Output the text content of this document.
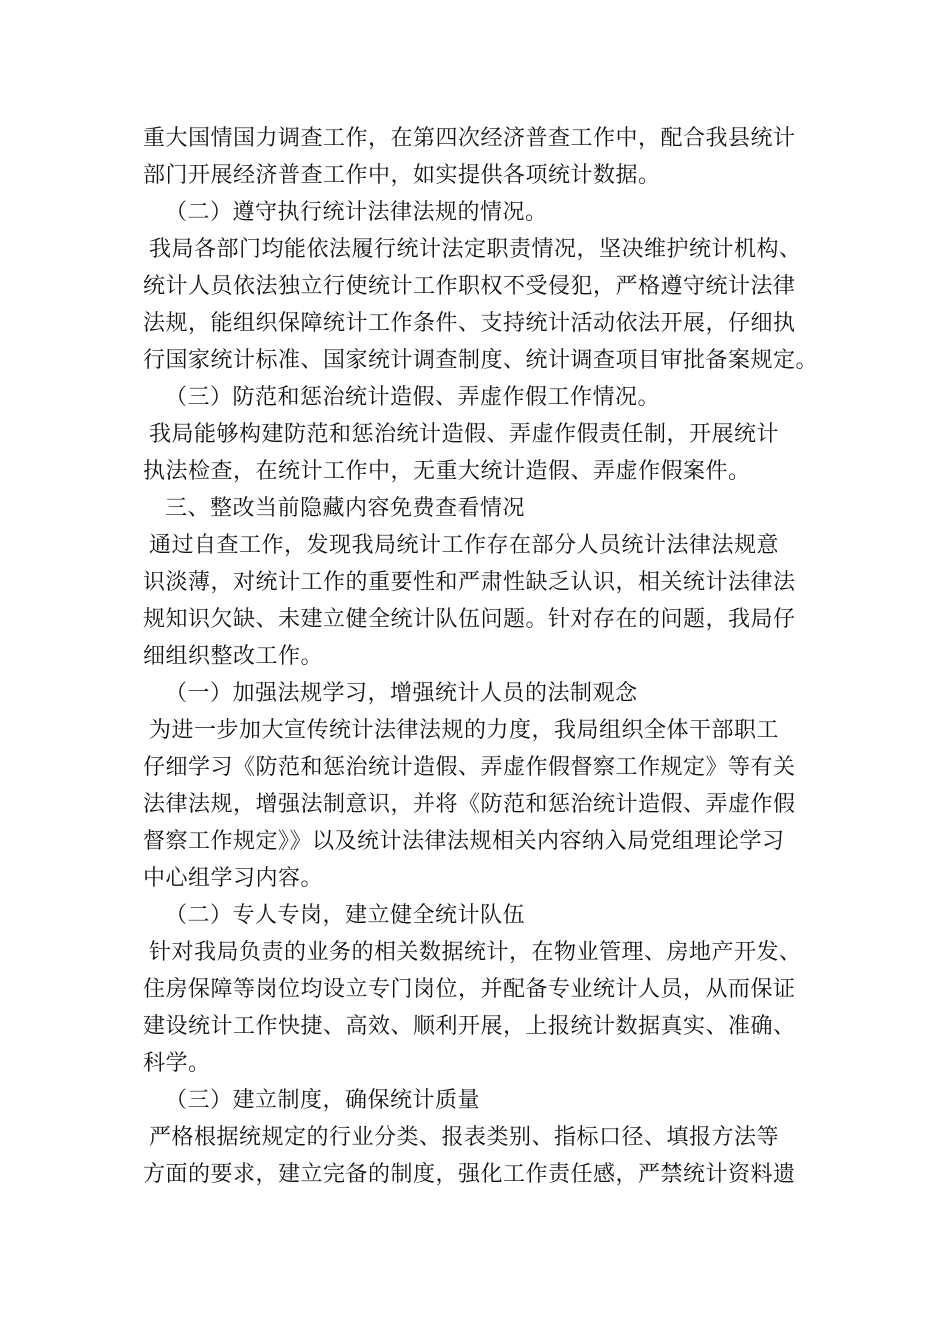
重大国情国力调查工作，在第四次经济普查工作中，配合我县统计
部门开展经济普查工作中，如实提供各项统计数据。
（二）遵守执行统计法律法规的情况。
我局各部门均能依法履行统计法定职责情况，坚决维护统计机构、
统计人员依法独立行使统计工作职权不受侵犯，严格遵守统计法律
法规，能组织保障统计工作条件、支持统计活动依法开展，仔细执
行国家统计标准、国家统计调查制度、统计调查项目审批备案规定。
（三）防范和惩治统计造假、弄虚作假工作情况。
我局能够构建防范和惩治统计造假、弄虚作假责任制，开展统计
执法检查，在统计工作中，无重大统计造假、弄虚作假案件。
三、整改当前隐藏内容免费查看情况
通过自查工作，发现我局统计工作存在部分人员统计法律法规意
识淡薄，对统计工作的重要性和严肃性缺乏认识，相关统计法律法
规知识欠缺、未建立健全统计队伍问题。针对存在的问题，我局仔
细组织整改工作。
（一）加强法规学习，增强统计人员的法制观念
为进一步加大宣传统计法律法规的力度，我局组织全体干部职工
仔细学习《防范和惩治统计造假、弄虚作假督察工作规定》等有关
法律法规，增强法制意识，并将《防范和惩治统计造假、弄虚作假
督察工作规定》》以及统计法律法规相关内容纳入局党组理论学习
中心组学习内容。
（二）专人专岗，建立健全统计队伍
针对我局负责的业务的相关数据统计，在物业管理、房地产开发、
住房保障等岗位均设立专门岗位，并配备专业统计人员，从而保证
建设统计工作快捷、高效、顺利开展，上报统计数据真实、准确、
科学。
（三）建立制度，确保统计质量
严格根据统规定的行业分类、报表类别、指标口径、填报方法等
方面的要求，建立完备的制度，强化工作责任感，严禁统计资料遗
